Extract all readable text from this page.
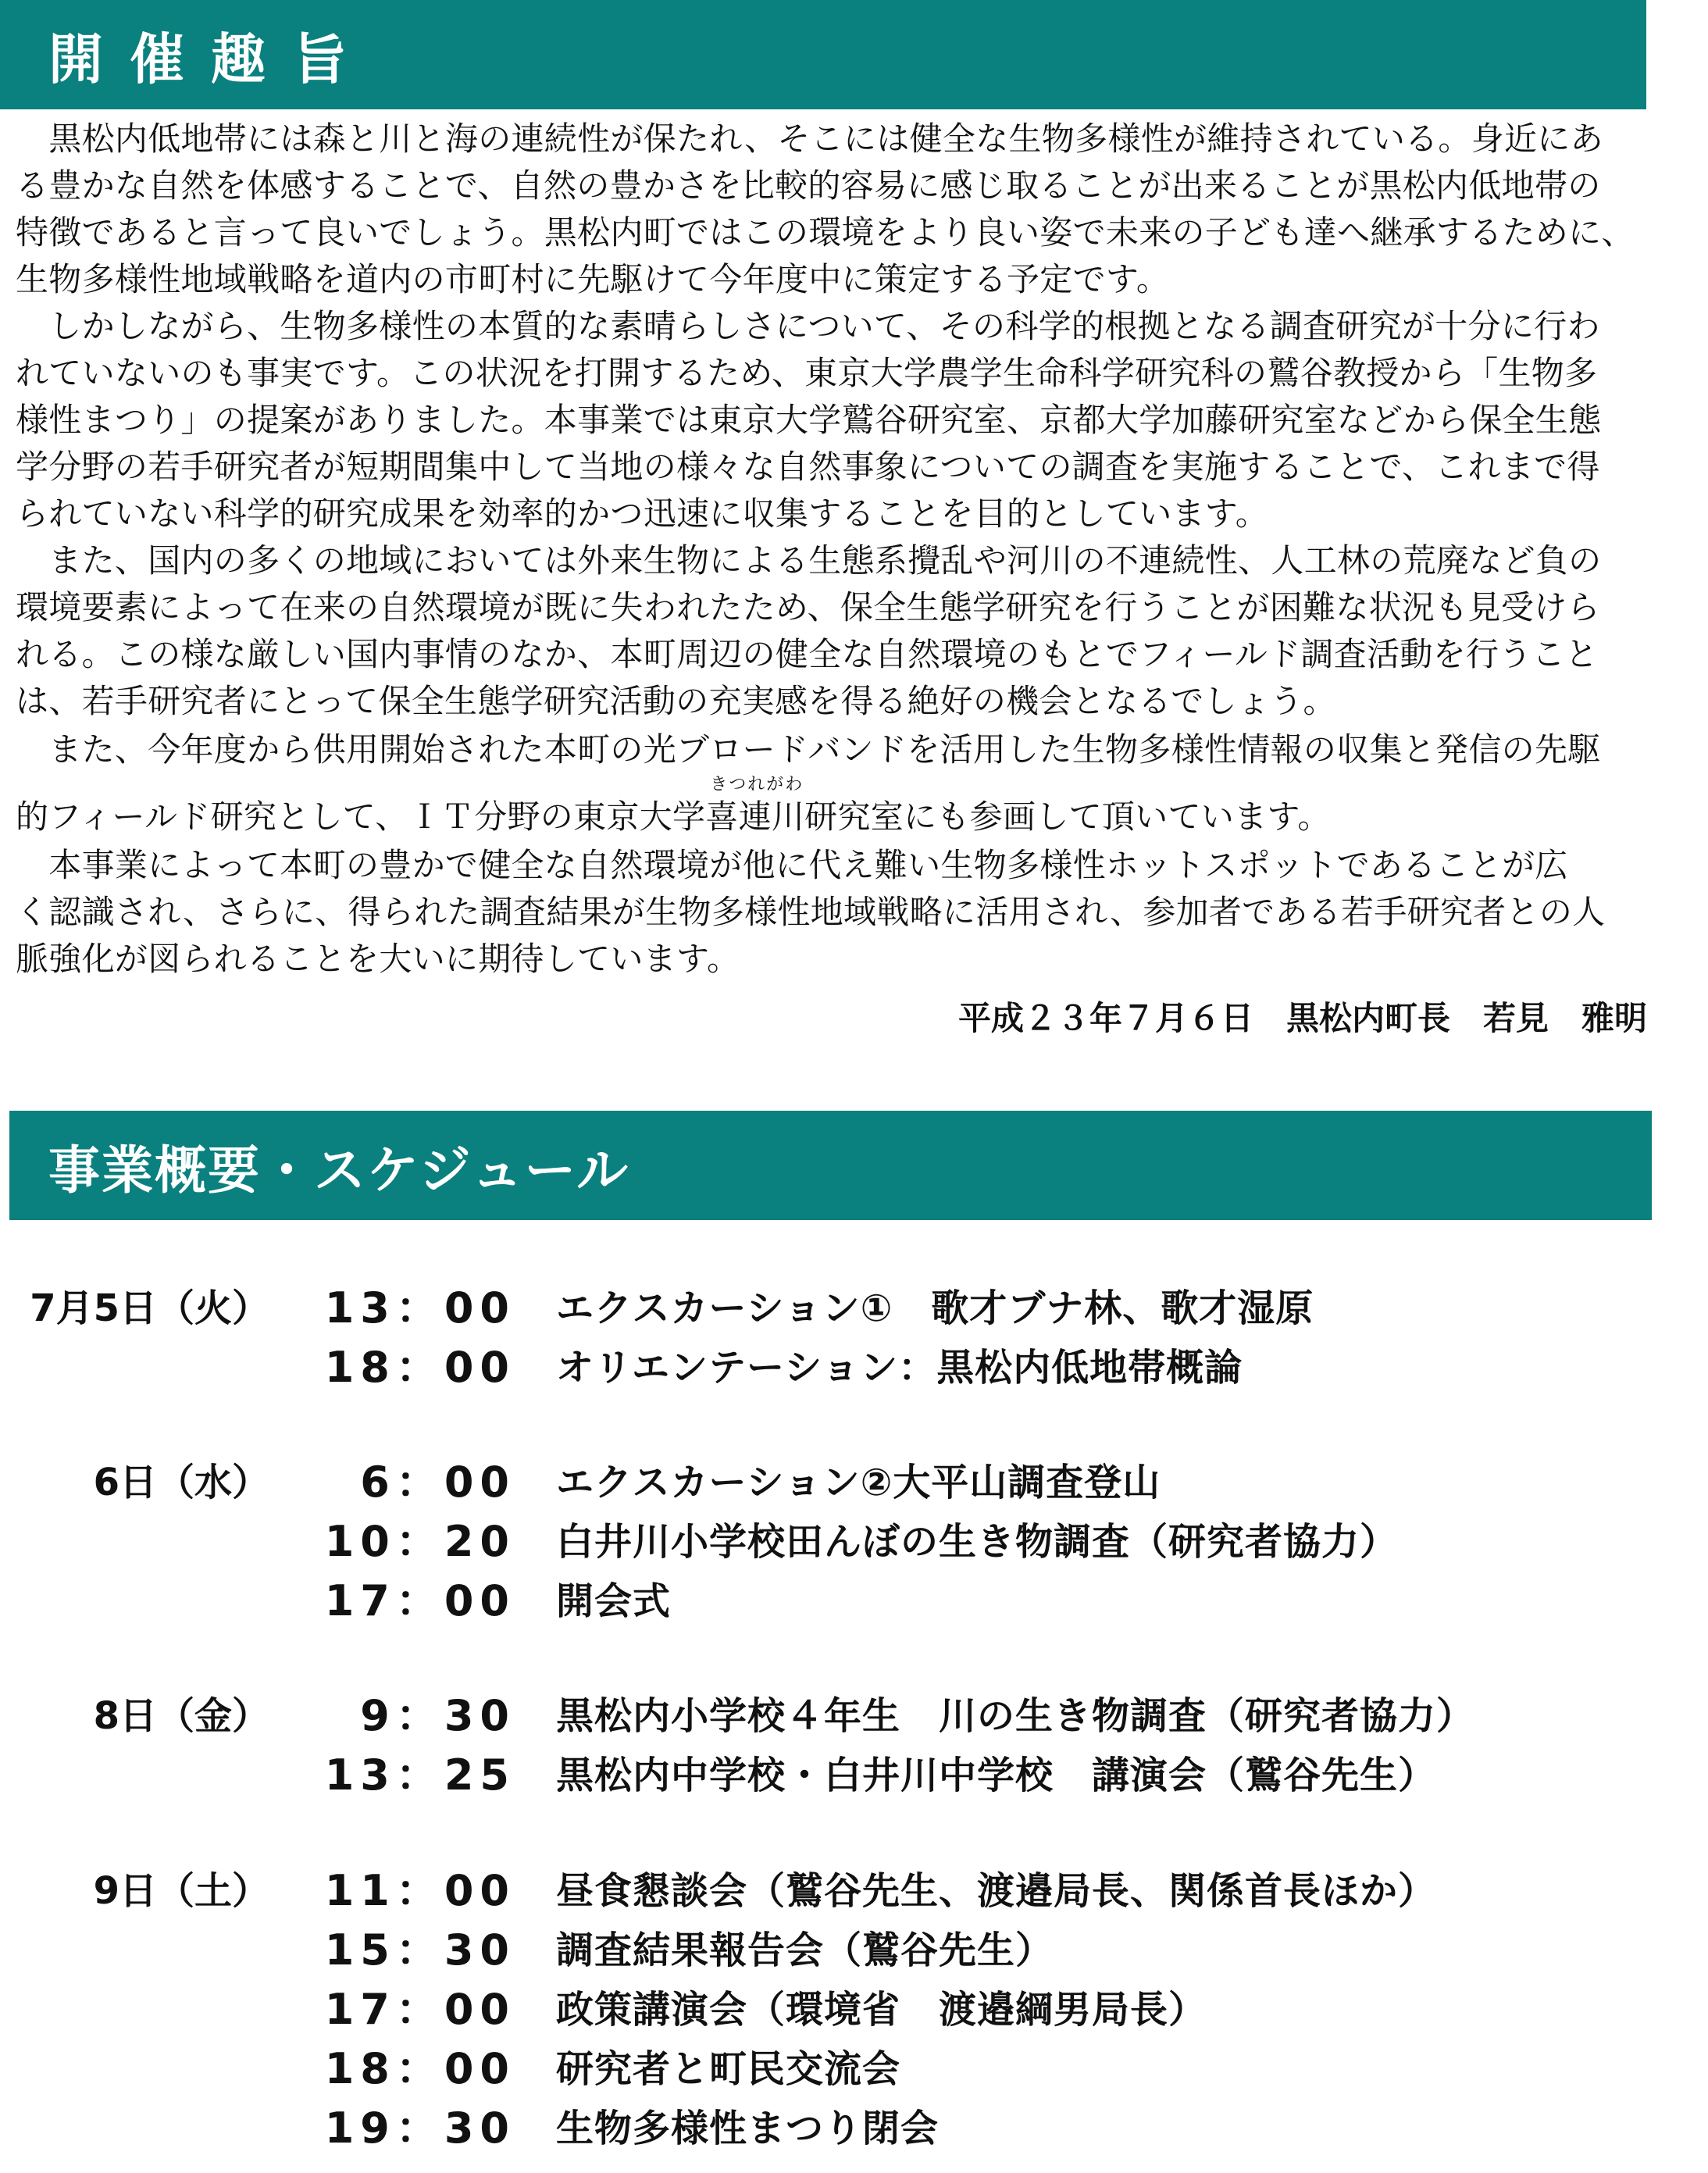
開催趣旨
　黒松内低地帯には森と川と海の連続性が保たれ、そこには健全な生物多様性が維持されている。身近にあ
る豊かな自然を体感することで、自然の豊かさを比較的容易に感じ取ることが出来ることが黒松内低地帯の
特徴であると言って良いでしょう。黒松内町ではこの環境をより良い姿で未来の子ども達へ継承するために、
生物多様性地域戦略を道内の市町村に先駆けて今年度中に策定する予定です。
　しかしながら、生物多様性の本質的な素晴らしさについて、その科学的根拠となる調査研究が十分に行わ
れていないのも事実です。この状況を打開するため、東京大学農学生命科学研究科の鷲谷教授から「生物多
様性まつり」の提案がありました。本事業では東京大学鷲谷研究室、京都大学加藤研究室などから保全生態
学分野の若手研究者が短期間集中して当地の様々な自然事象についての調査を実施することで、これまで得
られていない科学的研究成果を効率的かつ迅速に収集することを目的としています。
　また、国内の多くの地域においては外来生物による生態系攪乱や河川の不連続性、人工林の荒廃など負の
環境要素によって在来の自然環境が既に失われたため、保全生態学研究を行うことが困難な状況も見受けら
れる。この様な厳しい国内事情のなか、本町周辺の健全な自然環境のもとでフィールド調査活動を行うこと
は、若手研究者にとって保全生態学研究活動の充実感を得る絶好の機会となるでしょう。
　また、今年度から供用開始された本町の光ブロードバンドを活用した生物多様性情報の収集と発信の先駆
的フィールド研究として、ＩＴ分野の東京大学
きつれがわ
喜連川研究室にも参画して頂いています。
　本事業によって本町の豊かで健全な自然環境が他に代え難い生物多様性ホットスポットであることが広
く認識され、さらに、得られた調査結果が生物多様性地域戦略に活用され、参加者である若手研究者との人
脈強化が図られることを大いに期待しています。
平成２３年７月６日　黒松内町長　若見　雅明
事業概要・スケジュール
7月5日（火） 13：00 エクスカーション①　歌才ブナ林、歌才湿原
18：00 オリエンテーション：黒松内低地帯概論
6日（水）	6：00 エクスカーション②大平山調査登山
10：20 白井川小学校田んぼの生き物調査（研究者協力）
17：00 開会式
8日（金）	9：30 黒松内小学校４年生　川の生き物調査（研究者協力）
13：25 黒松内中学校・白井川中学校　講演会（鷲谷先生）
9日（土） 11：00 昼食懇談会（鷲谷先生、渡邉局長、関係首長ほか）
15：30 調査結果報告会（鷲谷先生）
17：00 政策講演会（環境省　渡邉綱男局長）
18：00 研究者と町民交流会
19：30 生物多様性まつり閉会
